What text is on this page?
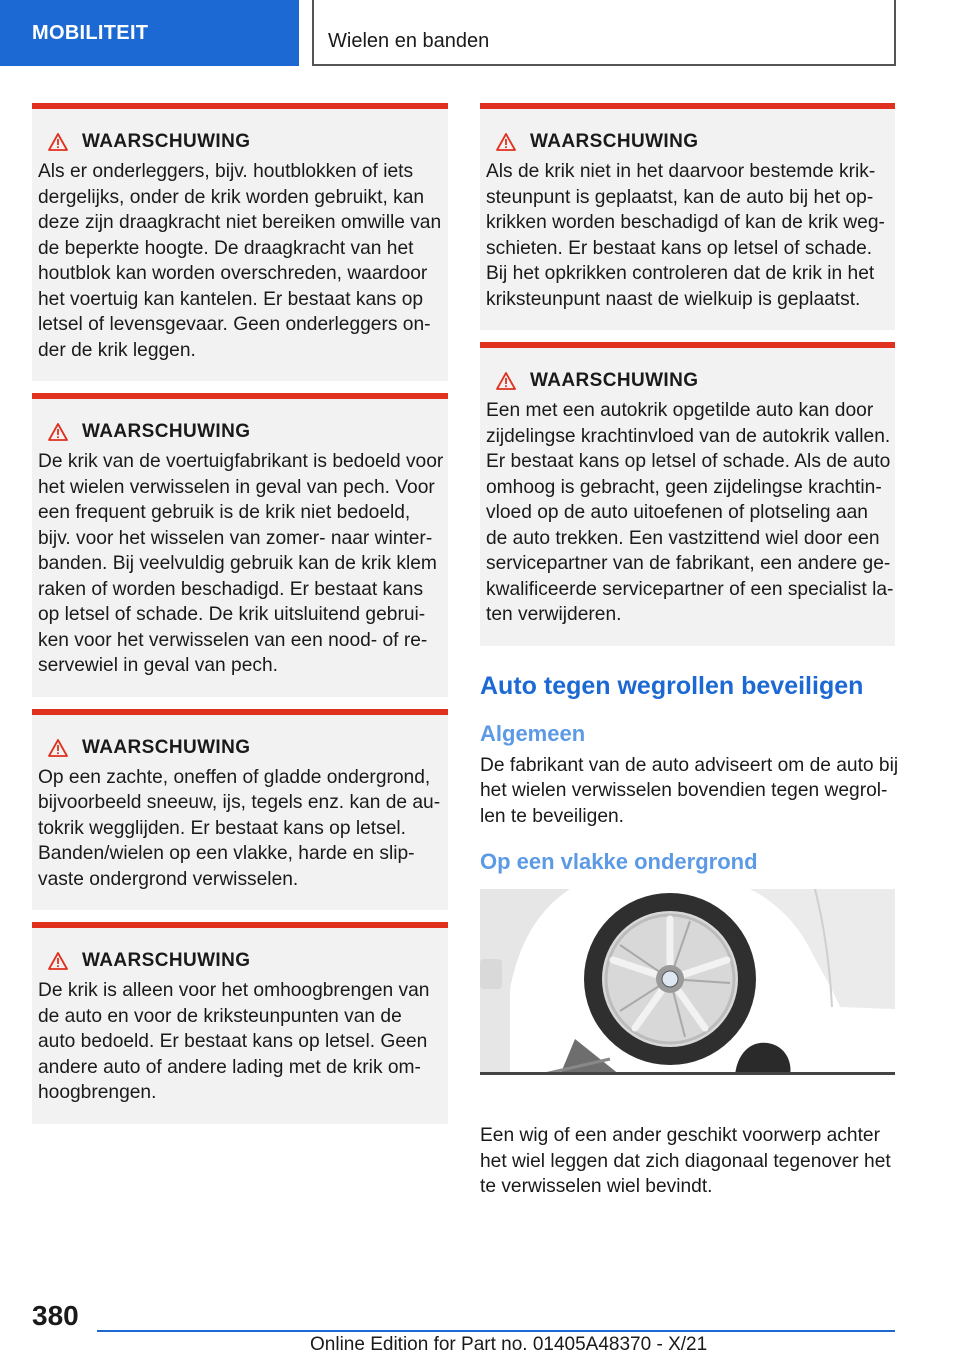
MOBILITEIT	Wielen en banden
WAARSCHUWING
Als er onderleggers, bijv. houtblokken of iets
dergelijks, onder de krik worden gebruikt, kan
deze zijn draagkracht niet bereiken omwille van
de beperkte hoogte. De draagkracht van het
houtblok kan worden overschreden, waardoor
het voertuig kan kantelen. Er bestaat kans op
letsel of levensgevaar. Geen onderleggers on‐
der de krik leggen.
WAARSCHUWING
De krik van de voertuigfabrikant is bedoeld voor
het wielen verwisselen in geval van pech. Voor
een frequent gebruik is de krik niet bedoeld,
bijv. voor het wisselen van zomer- naar winter‐
banden. Bij veelvuldig gebruik kan de krik klem
raken of worden beschadigd. Er bestaat kans
op letsel of schade. De krik uitsluitend gebrui‐
ken voor het verwisselen van een nood- of re‐
servewiel in geval van pech.
WAARSCHUWING
Op een zachte, oneffen of gladde ondergrond,
bijvoorbeeld sneeuw, ijs, tegels enz. kan de au‐
tokrik wegglijden. Er bestaat kans op letsel.
Banden/wielen op een vlakke, harde en slip‐
vaste ondergrond verwisselen.
WAARSCHUWING
De krik is alleen voor het omhoogbrengen van
de auto en voor de kriksteunpunten van de
auto bedoeld. Er bestaat kans op letsel. Geen
andere auto of andere lading met de krik om‐
hoogbrengen.
WAARSCHUWING
Als de krik niet in het daarvoor bestemde krik‐
steunpunt is geplaatst, kan de auto bij het op‐
krikken worden beschadigd of kan de krik weg‐
schieten. Er bestaat kans op letsel of schade.
Bij het opkrikken controleren dat de krik in het
kriksteunpunt naast de wielkuip is geplaatst.
WAARSCHUWING
Een met een autokrik opgetilde auto kan door
zijdelingse krachtinvloed van de autokrik vallen.
Er bestaat kans op letsel of schade. Als de auto
omhoog is gebracht, geen zijdelingse krachtin‐
vloed op de auto uitoefenen of plotseling aan
de auto trekken. Een vastzittend wiel door een
servicepartner van de fabrikant, een andere ge‐
kwalificeerde servicepartner of een specialist la‐
ten verwijderen.
Auto tegen wegrollen beveiligen
Algemeen
De fabrikant van de auto adviseert om de auto bij
het wielen verwisselen bovendien tegen wegrol‐
len te beveiligen.
Op een vlakke ondergrond
Een wig of een ander geschikt voorwerp achter
het wiel leggen dat zich diagonaal tegenover het
te verwisselen wiel bevindt.
380
Online Edition for Part no. 01405A48370 - X/21
